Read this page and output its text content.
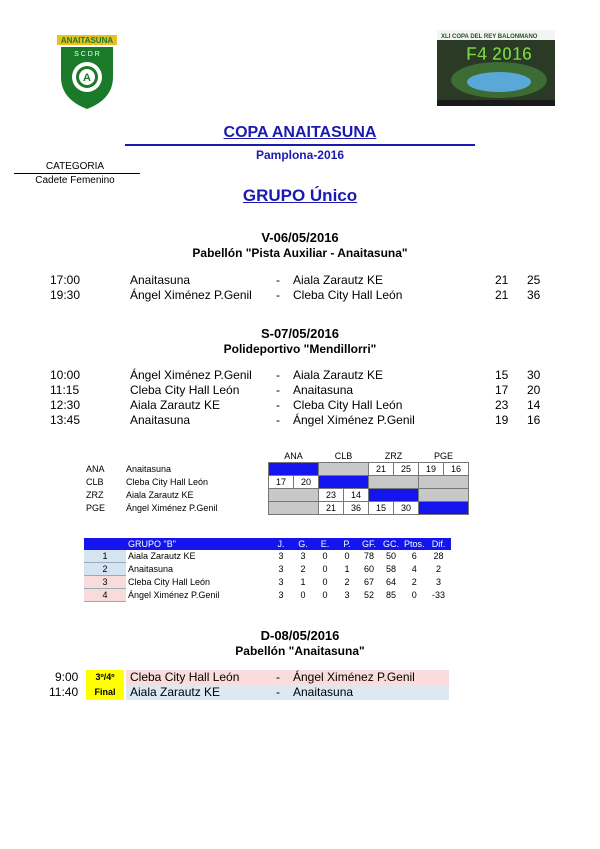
ANAITASUNA
S C D R
A
XLI COPA DEL REY BALONMANO
F4 2016
COPA ANAITASUNA
Pamplona-2016
CATEGORIA
Cadete Femenino
GRUPO Único
V-06/05/2016
Pabellón "Pista Auxiliar - Anaitasuna"
17:00	Anaitasuna	- Aiala Zarautz KE	21 25
19:30	Ángel Ximénez P.Genil - Cleba City Hall León	21 36
S-07/05/2016
Polideportivo "Mendillorri"
10:00	Ángel Ximénez P.Genil - Aiala Zarautz KE	15 30
11:15	Cleba City Hall León	- Anaitasuna	17 20
12:30	Aiala Zarautz KE	- Cleba City Hall León	23 14
13:45	Anaitasuna	- Ángel Ximénez P.Genil	19 16
		ANA		CLB		ZRZ		PGE	
ANA	Anaitasuna					21	25	19	16
CLB	Cleba City Hall León	17	20						
ZRZ	Aiala Zarautz KE			23	14				
PGE	Ángel Ximénez P.Genil			21	36	15	30		
	GRUPO "B"	J.	G.	E.	P.	GF.	GC.	Ptos.	Dif.
1	Aiala Zarautz KE	3	3	0	0	78	50	6	28
2	Anaitasuna	3	2	0	1	60	58	4	2
3	Cleba City Hall León	3	1	0	2	67	64	2	3
4	Ángel Ximénez P.Genil	3	0	0	3	52	85	0	-33
D-08/05/2016
Pabellón "Anaitasuna"
9:00	3º/4º	Cleba City Hall León	- Ángel Ximénez P.Genil
11:40	Final	Aiala Zarautz KE	- Anaitasuna
